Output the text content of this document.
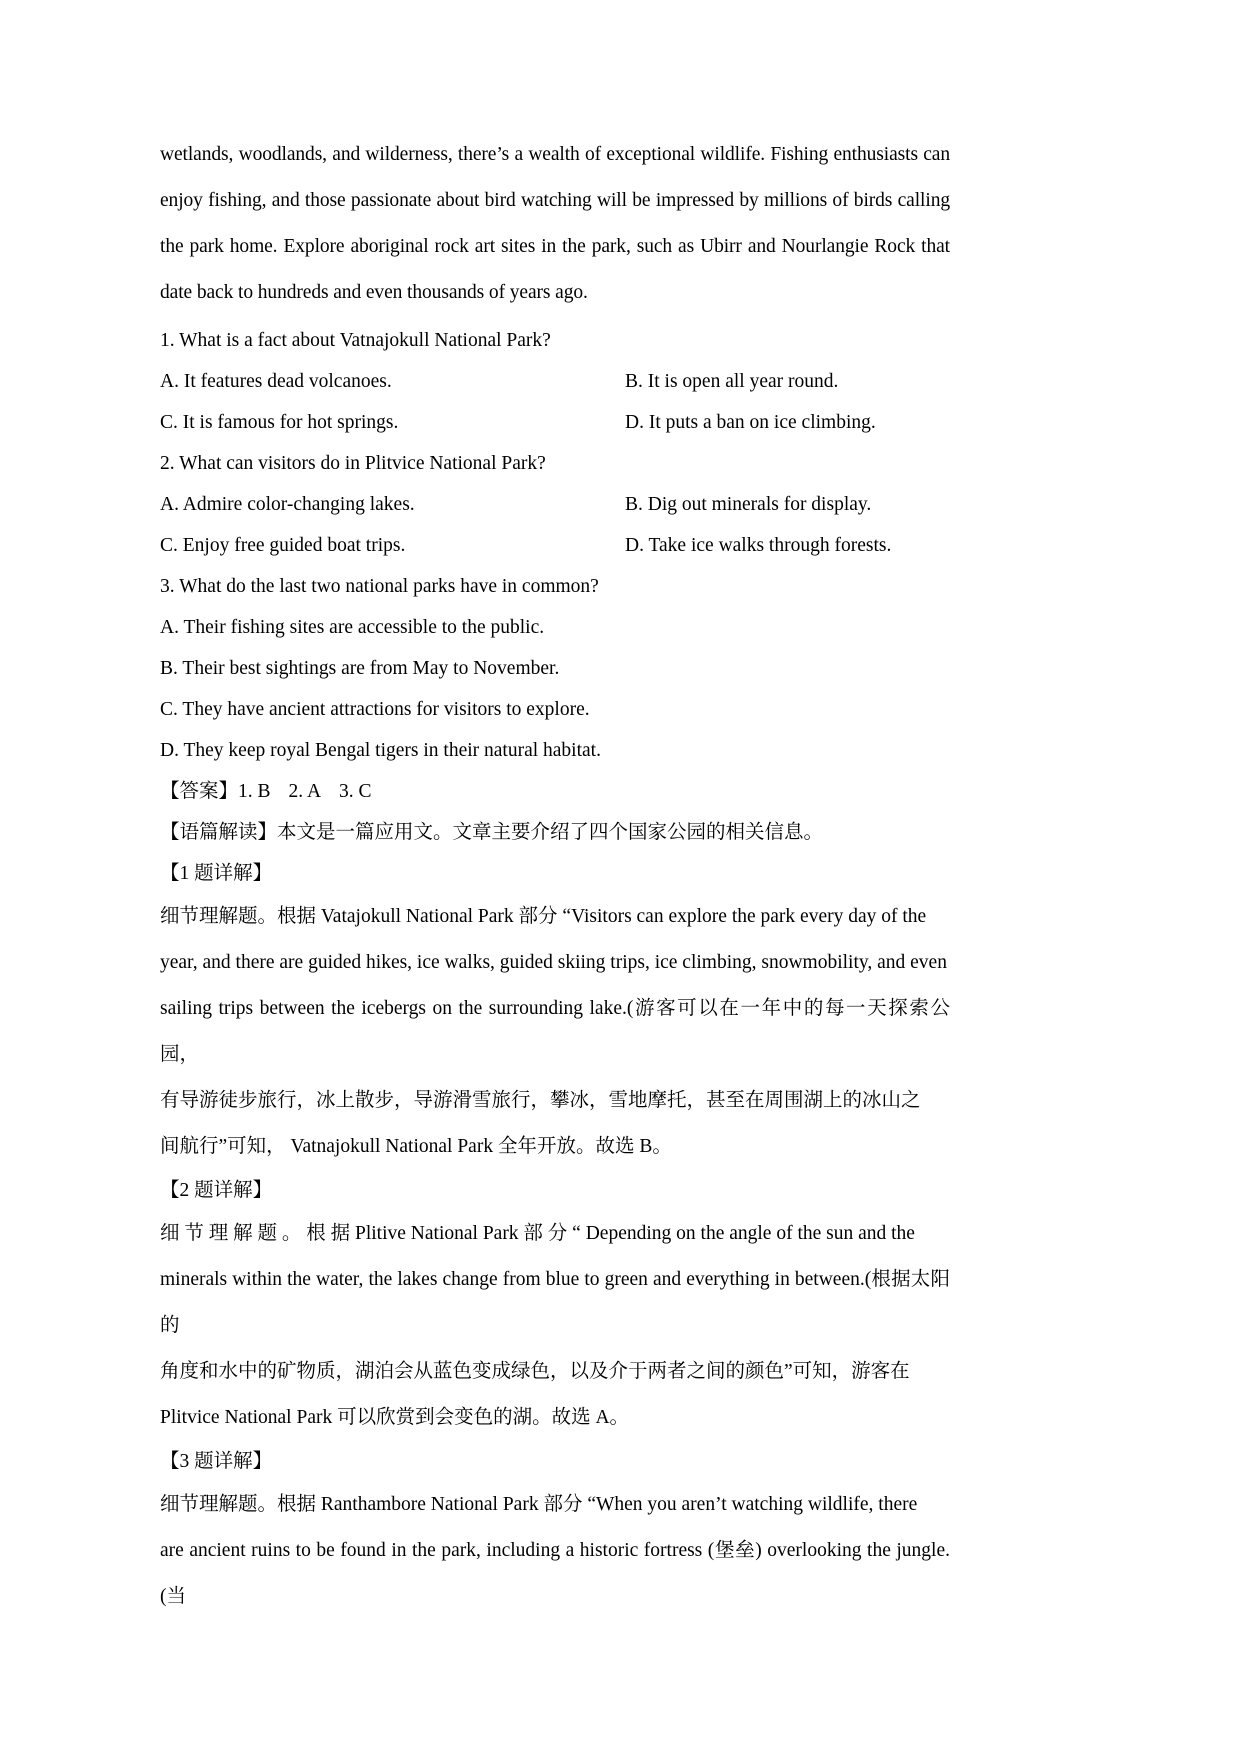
wetlands, woodlands, and wilderness, there’s a wealth of exceptional wildlife. Fishing enthusiasts can enjoy fishing, and those passionate about bird watching will be impressed by millions of birds calling the park home. Explore aboriginal rock art sites in the park, such as Ubirr and Nourlangie Rock that date back to hundreds and even thousands of years ago.

1. What is a fact about Vatnajokull National Park?
A. It features dead volcanoes.	B. It is open all year round.
C. It is famous for hot springs.	D. It puts a ban on ice climbing.
2. What can visitors do in Plitvice National Park?
A. Admire color-changing lakes.	B. Dig out minerals for display.
C. Enjoy free guided boat trips.	D. Take ice walks through forests.
3. What do the last two national parks have in common?
A. Their fishing sites are accessible to the public.
B. Their best sightings are from May to November.
C. They have ancient attractions for visitors to explore.
D. They keep royal Bengal tigers in their natural habitat.
【答案】1. B 2. A 3. C
【语篇解读】本文是一篇应用文。文章主要介绍了四个国家公园的相关信息。
【1 题详解】
细节理解题。根据 Vatajokull National Park 部分 “Visitors can explore the park every day of the
year, and there are guided hikes, ice walks, guided skiing trips, ice climbing, snowmobility, and even
sailing trips between the icebergs on the surrounding lake.(游客可以在一年中的每一天探索公园，
有导游徒步旅行，冰上散步，导游滑雪旅行，攀冰，雪地摩托，甚至在周围湖上的冰山之
间航行”可知， Vatnajokull National Park 全年开放。故选 B。
【2 题详解】
细 节 理 解 题 。 根 据 Plitive National Park 部 分 “ Depending on the angle of the sun and the
minerals within the water, the lakes change from blue to green and everything in between.(根据太阳的
角度和水中的矿物质，湖泊会从蓝色变成绿色，以及介于两者之间的颜色”可知，游客在
Plitvice National Park 可以欣赏到会变色的湖。故选 A。
【3 题详解】
细节理解题。根据 Ranthambore National Park 部分 “When you aren’t watching wildlife, there
are ancient ruins to be found in the park, including a historic fortress (堡垒) overlooking the jungle.(当
